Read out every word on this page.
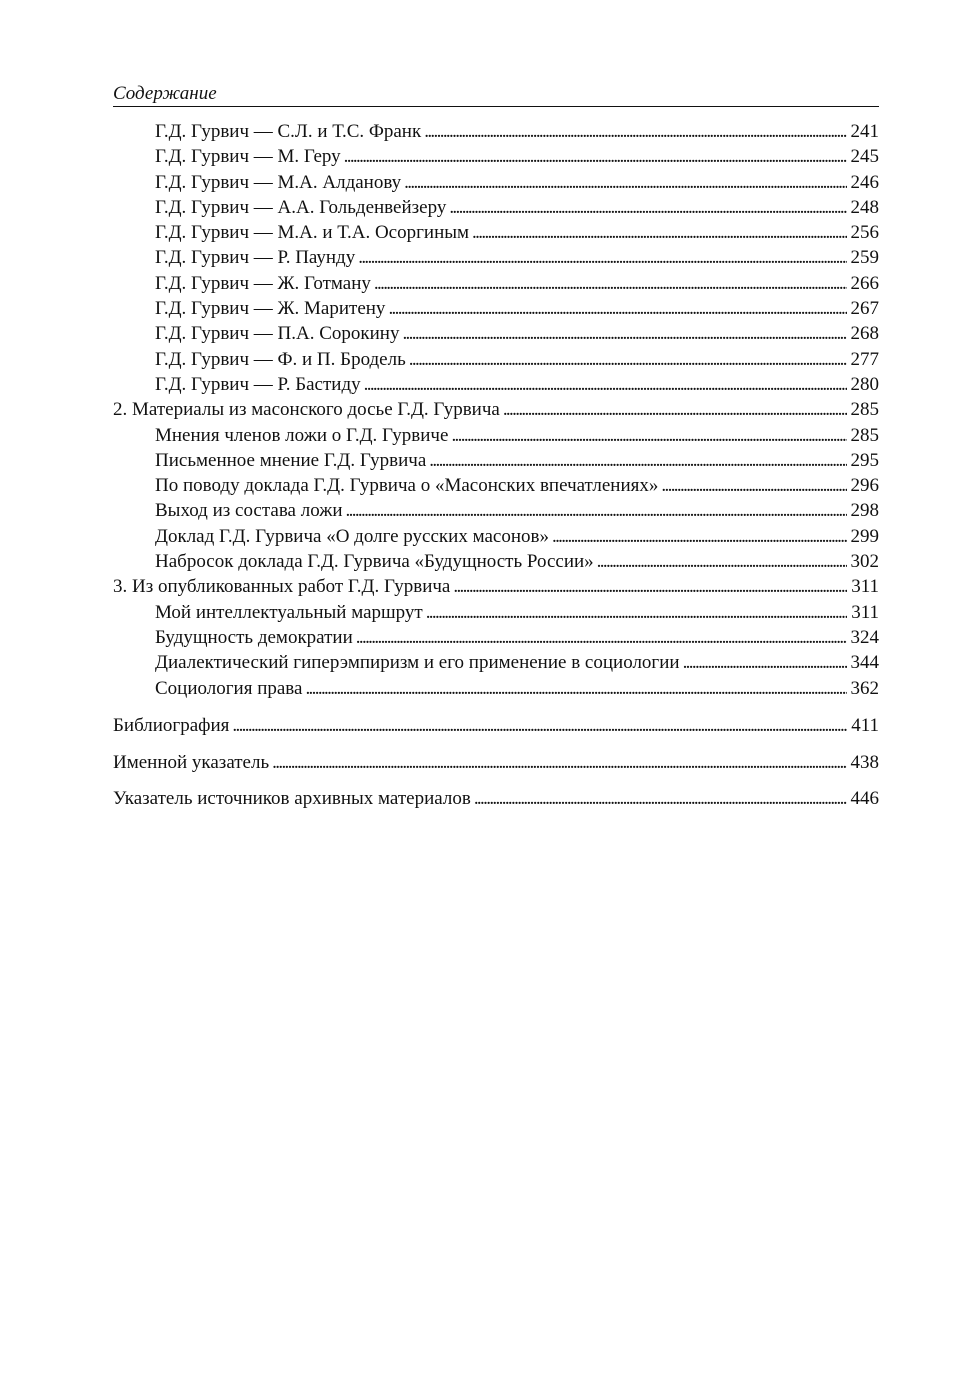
Содержание
Г.Д. Гурвич — С.Л. и Т.С. Франк . . .	241
Г.Д. Гурвич — М. Геру . . .	245
Г.Д. Гурвич — М.А. Алданову . . .	246
Г.Д. Гурвич — А.А. Гольденвейзеру . . .	248
Г.Д. Гурвич — М.А. и Т.А. Осоргиным . . .	256
Г.Д. Гурвич — Р. Паунду . . .	259
Г.Д. Гурвич — Ж. Готману . . .	266
Г.Д. Гурвич — Ж. Маритену . . .	267
Г.Д. Гурвич — П.А. Сорокину . . .	268
Г.Д. Гурвич — Ф. и П. Бродель . . .	277
Г.Д. Гурвич — Р. Бастиду . . .	280
2. Материалы из масонского досье Г.Д. Гурвича . . .	285
Мнения членов ложи о Г.Д. Гурвиче . . .	285
Письменное мнение Г.Д. Гурвича . . .	295
По поводу доклада Г.Д. Гурвича о «Масонских впечатлениях» . . .	296
Выход из состава ложи . . .	298
Доклад Г.Д. Гурвича «О долге русских масонов» . . .	299
Набросок доклада Г.Д. Гурвича «Будущность России» . . .	302
3. Из опубликованных работ Г.Д. Гурвича . . .	311
Мой интеллектуальный маршрут . . .	311
Будущность демократии . . .	324
Диалектический гиперэмпиризм и его применение в социологии . . .	344
Социология права . . .	362
Библиография . . .	411
Именной указатель . . .	438
Указатель источников архивных материалов . . .	446
